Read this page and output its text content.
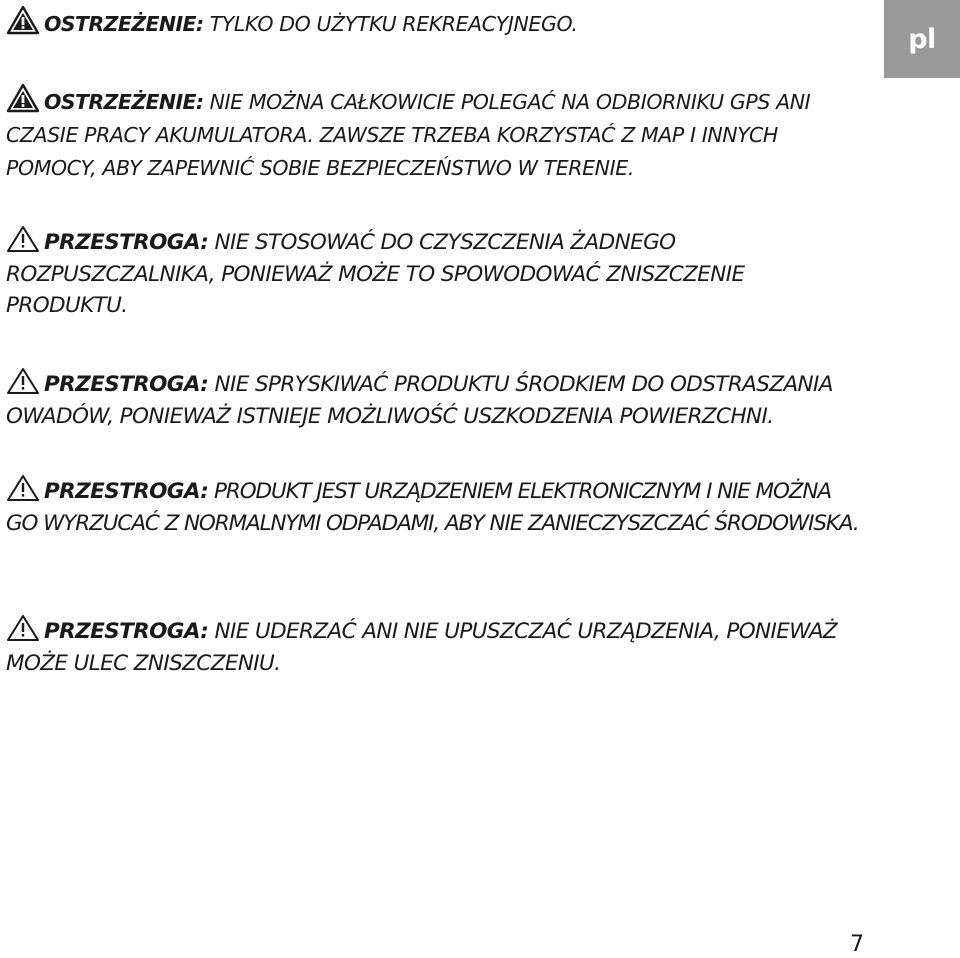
pl
OSTRZEŻENIE: TYLKO DO UŻYTKU REKREACYJNEGO.
OSTRZEŻENIE: NIE MOŻNA CAŁKOWICIE POLEGAĆ NA ODBIORNIKU GPS ANI CZASIE PRACY AKUMULATORA. ZAWSZE TRZEBA KORZYSTAĆ Z MAP I INNYCH POMOCY, ABY ZAPEWNIĆ SOBIE BEZPIECZEŃSTWO W TERENIE.
PRZESTROGA: NIE STOSOWAĆ DO CZYSZCZENIA ŻADNEGO ROZPUSZCZALNIKA, PONIEWAŻ MOŻE TO SPOWODOWAĆ ZNISZCZENIE PRODUKTU.
PRZESTROGA: NIE SPRYSKIWAĆ PRODUKTU ŚRODKIEM DO ODSTRASZANIA OWADÓW, PONIEWAŻ ISTNIEJE MOŻLIWOŚĆ USZKODZENIA POWIERZCHNI.
PRZESTROGA: PRODUKT JEST URZĄDZENIEM ELEKTRONICZNYM I NIE MOŻNA GO WYRZUCAĆ Z NORMALNYMI ODPADAMI, ABY NIE ZANIECZYSZCZAĆ ŚRODOWISKA.
PRZESTROGA: NIE UDERZAĆ ANI NIE UPUSZCZAĆ URZĄDZENIA, PONIEWAŻ MOŻE ULEC ZNISZCZENIU.
7
